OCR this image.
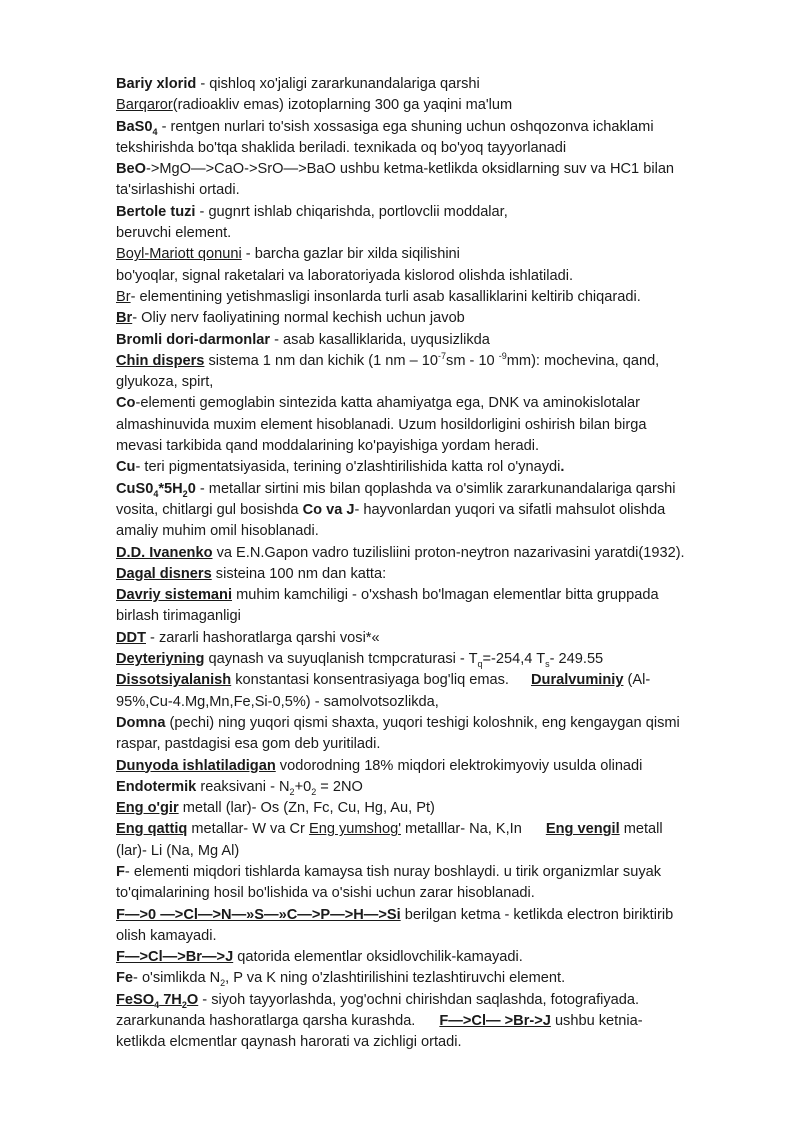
Bariy xlorid - qishloq xo'jaligi zararkunandalariga qarshi
Barqaror(radioakliv emas) izotoplarning 300 ga yaqini ma'lum
$BaS0_4$ - rentgen nurlari to'sish xossasiga ega shuning uchun oshqozonva ichaklami
tekshirishda bo'tqa shaklida beriladi. texnikada oq bo'yoq tayyorlanadi
BeO->MgO—>CaO->SrO—>BaO ushbu ketma-ketlikda oksidlarning suv va HC1 bilan
ta'sirlashishi ortadi.
Bertole tuzi - gugnrt ishlab chiqarishda, portlovclii moddalar,
beruvchi element.
Boyl-Mariott qonuni - barcha gazlar bir xilda siqilishini
bo'yoqlar, signal raketalari va laboratoriyada kislorod olishda ishlatiladi.
Br- elementining yetishmasligi insonlarda turli asab kasalliklarini keltirib chiqaradi.
Br- Oliy nerv faoliyatining normal kechish uchun javob
Bromli dori-darmonlar - asab kasalliklarida, uyqusizlikda
Chin dispers sistema 1 nm dan kichik (1 nm – $10^{-7}sm - 10$ $^{-9}$mm): mochevina, qand,
glyukoza, spirt,
Co-elementi gemoglabin sintezida katta ahamiyatga ega, DNK va aminokislotalar
almashinuvida muxim element hisoblanadi. Uzum hosildorligini oshirish bilan birga
mevasi tarkibida qand moddalarining ko'payishiga yordam heradi.
Cu- teri pigmentatsiyasida, terining o'zlashtirilishida katta rol o'ynaydi.
$CuS0_4*5H_20$ - metallar sirtini mis bilan qoplashda va o'simlik zararkunandalariga qarshi
vosita, chitlargi gul bosishda Co va J- hayvonlardan yuqori va sifatli mahsulot olishda
amaliy muhim omil hisoblanadi.
D.D. Ivanenko va E.N.Gapon vadro tuzilisliini proton-neytron nazarivasini yaratdi(1932).
Dagal disners sisteina 100 nm dan katta:
Davriy sistemani muhim kamchiligi - o'xshash bo'lmagan elementlar bitta gruppada
birlash tirimaganligi
DDT - zararli hashoratlarga qarshi vosi*«
Deyteriyning qaynash va suyuqlanish tcmpcraturasi - $T_q=-254,4$ $T_s-$ 249.55
Dissotsiyalanish konstantasi konsentrasiyaga bog'liq emas. Duralvuminiy (Al-
95%,Cu-4.Mg,Mn,Fe,Si-0,5%) - samolvotsozlikda,
Domna (pechi) ning yuqori qismi shaxta, yuqori teshigi koloshnik, eng kengaygan qismi
raspar, pastdagisi esa gom deb yuritiladi.
Dunyoda ishlatiladigan vodorodning 18% miqdori elektrokimyoviy usulda olinadi
Endotermik reaksivani - $N_2+0_2 = 2NO$
Eng o'gir metall (lar)- Os (Zn, Fc, Cu, Hg, Au, Pt)
Eng qattiq metallar- W va Cr Eng yumshog' metalllar- Na, K,In Eng vengil metall
(lar)- Li (Na, Mg Al)
F- elementi miqdori tishlarda kamaysa tish nuray boshlaydi. u tirik organizmlar suyak
to'qimalarining hosil bo'lishida va o'sishi uchun zarar hisoblanadi.
F—>0 —>Cl—>N—»S—»C—>P—>H—>Si berilgan ketma - ketlikda electron biriktirib
olish kamayadi.
F—>Cl—>Br—>J qatorida elementlar oksidlovchilik-kamayadi.
Fe- o'simlikda $N_2$, P va K ning o'zlashtirilishini tezlashtiruvchi element.
FeSO$_4$ $7H_2O$ - siyoh tayyorlashda, yog'ochni chirishdan saqlashda, fotografiyada.
zararkunanda hashoratlarga qarsha kurashda. F—>Cl— >Br->J ushbu ketnia-
ketlikda elcmentlar qaynash harorati va zichligi ortadi.
